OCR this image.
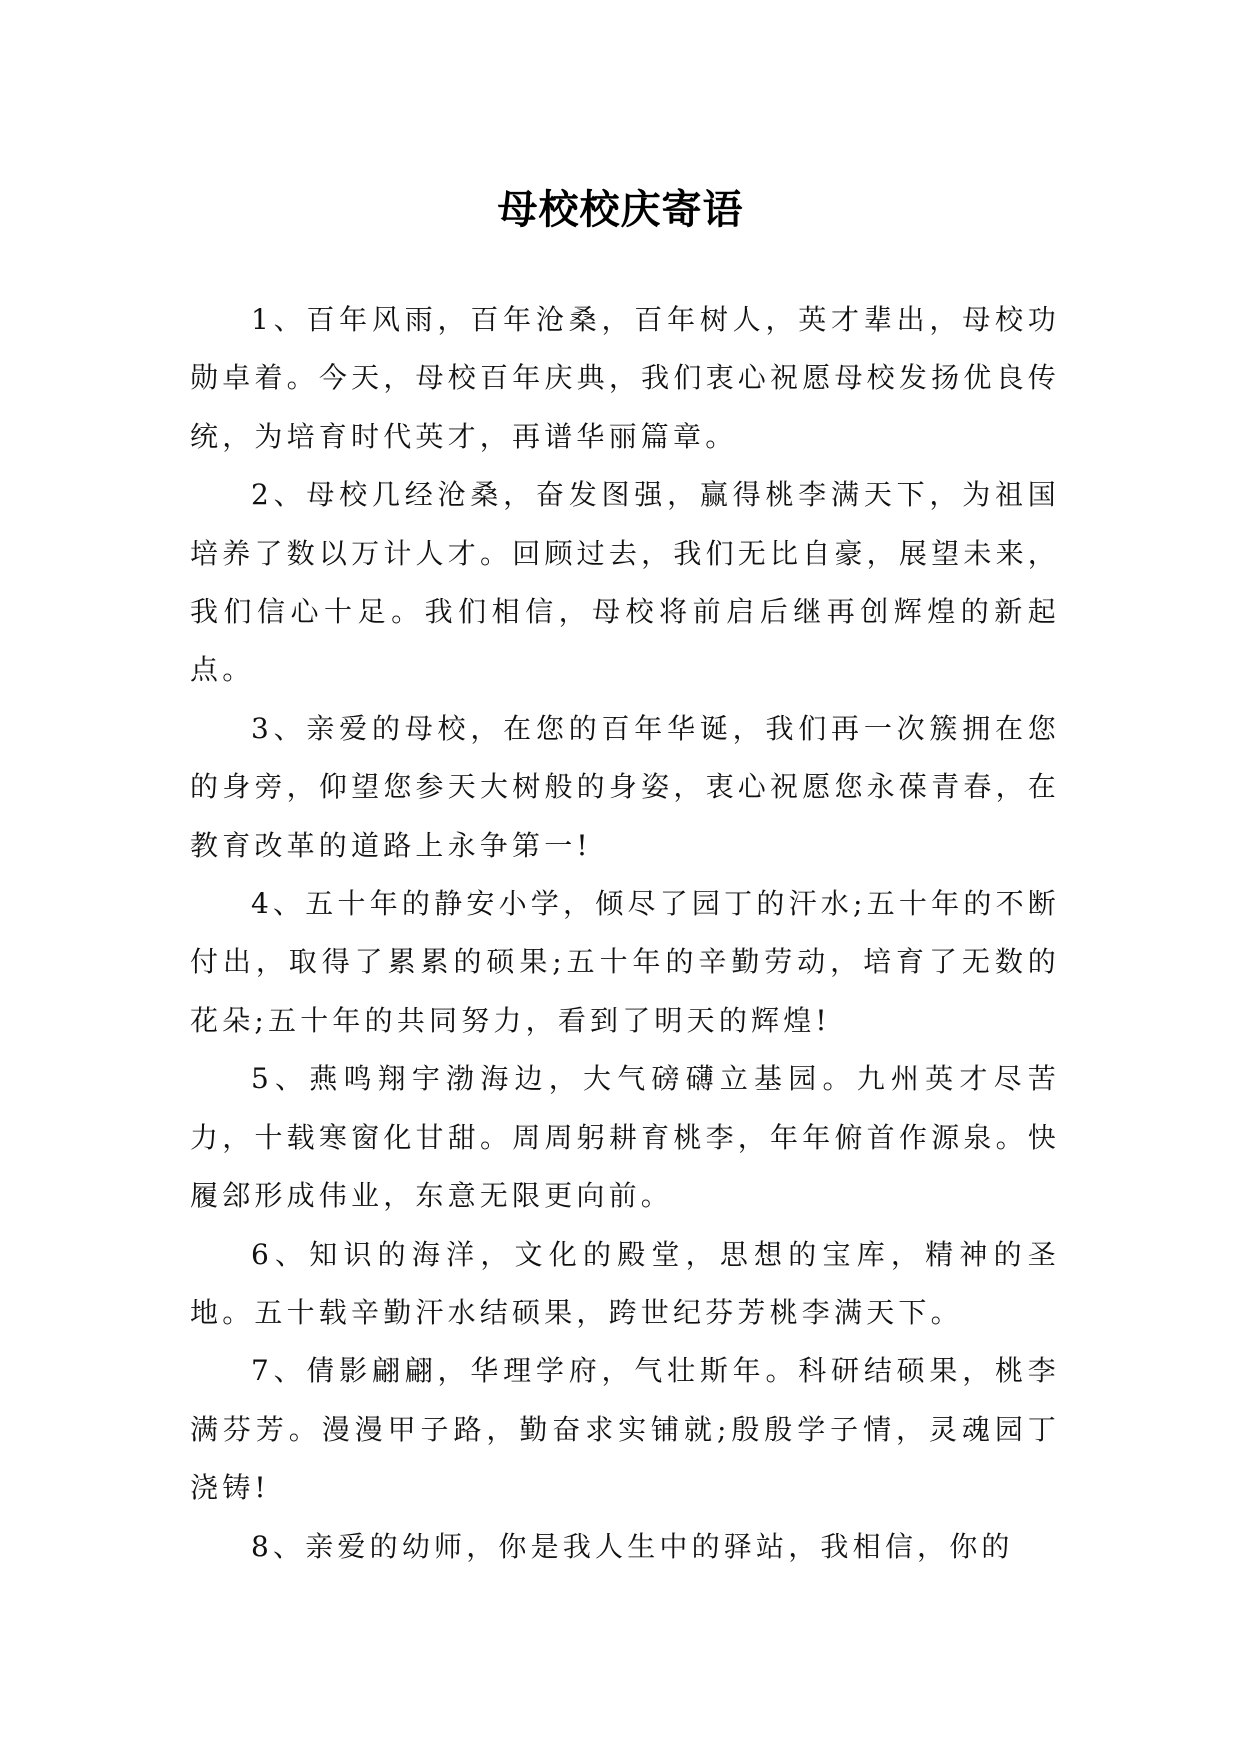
母校校庆寄语

1、百年风雨，百年沧桑，百年树人，英才辈出，母校功勋卓着。今天，母校百年庆典，我们衷心祝愿母校发扬优良传统，为培育时代英才，再谱华丽篇章。

2、母校几经沧桑，奋发图强，赢得桃李满天下，为祖国培养了数以万计人才。回顾过去，我们无比自豪，展望未来，我们信心十足。我们相信，母校将前启后继再创辉煌的新起点。

3、亲爱的母校，在您的百年华诞，我们再一次簇拥在您的身旁，仰望您参天大树般的身姿，衷心祝愿您永葆青春，在教育改革的道路上永争第一!

4、五十年的静安小学，倾尽了园丁的汗水;五十年的不断付出，取得了累累的硕果;五十年的辛勤劳动，培育了无数的花朵;五十年的共同努力，看到了明天的辉煌!

5、燕鸣翔宇渤海边，大气磅礴立基园。九州英才尽苦力，十载寒窗化甘甜。周周躬耕育桃李，年年俯首作源泉。快履郐形成伟业，东意无限更向前。

6、知识的海洋，文化的殿堂，思想的宝库，精神的圣地。五十载辛勤汗水结硕果，跨世纪芬芳桃李满天下。

7、倩影翩翩，华理学府，气壮斯年。科研结硕果，桃李满芬芳。漫漫甲子路，勤奋求实铺就;殷殷学子情，灵魂园丁浇铸!

8、亲爱的幼师，你是我人生中的驿站，我相信，你的
